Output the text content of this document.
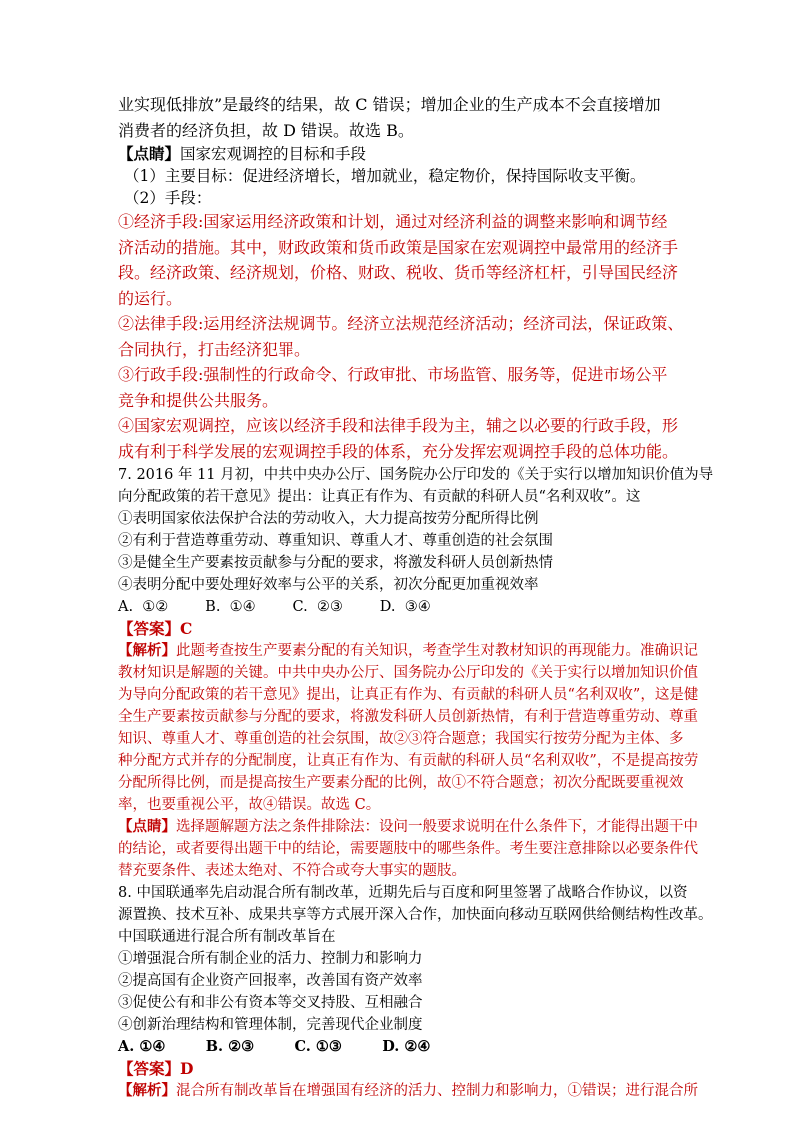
业实现低排放”是最终的结果，故 C 错误；增加企业的生产成本不会直接增加
消费者的经济负担，故 D 错误。故选 B。
【点睛】国家宏观调控的目标和手段
（1）主要目标：促进经济增长，增加就业，稳定物价，保持国际收支平衡。
（2）手段：
①经济手段:国家运用经济政策和计划，通过对经济利益的调整来影响和调节经
济活动的措施。其中，财政政策和货币政策是国家在宏观调控中最常用的经济手
段。经济政策、经济规划，价格、财政、税收、货币等经济杠杆，引导国民经济
的运行。
②法律手段:运用经济法规调节。经济立法规范经济活动；经济司法，保证政策、
合同执行，打击经济犯罪。
③行政手段:强制性的行政命令、行政审批、市场监管、服务等，促进市场公平
竞争和提供公共服务。
④国家宏观调控，应该以经济手段和法律手段为主，辅之以必要的行政手段，形
成有利于科学发展的宏观调控手段的体系，充分发挥宏观调控手段的总体功能。
7. 2016 年 11 月初，中共中央办公厅、国务院办公厅印发的《关于实行以增加知识价值为导
向分配政策的若干意见》提出：让真正有作为、有贡献的科研人员“名利双收”。这
①表明国家依法保护合法的劳动收入，大力提高按劳分配所得比例
②有利于营造尊重劳动、尊重知识、尊重人才、尊重创造的社会氛围
③是健全生产要素按贡献参与分配的要求，将激发科研人员创新热情
④表明分配中要处理好效率与公平的关系，初次分配更加重视效率
A.  ①②        B.  ①④        C.  ②③        D.  ③④
【答案】C
【解析】此题考查按生产要素分配的有关知识，考查学生对教材知识的再现能力。准确识记
教材知识是解题的关键。中共中央办公厅、国务院办公厅印发的《关于实行以增加知识价值
为导向分配政策的若干意见》提出，让真正有作为、有贡献的科研人员“名利双收”，这是健
全生产要素按贡献参与分配的要求，将激发科研人员创新热情，有利于营造尊重劳动、尊重
知识、尊重人才、尊重创造的社会氛围，故②③符合题意；我国实行按劳分配为主体、多
种分配方式并存的分配制度，让真正有作为、有贡献的科研人员“名利双收”，不是提高按劳
分配所得比例，而是提高按生产要素分配的比例，故①不符合题意；初次分配既要重视效
率，也要重视公平，故④错误。故选 C。
【点睛】选择题解题方法之条件排除法：设问一般要求说明在什么条件下，才能得出题干中
的结论，或者要得出题干中的结论，需要题肢中的哪些条件。考生要注意排除以必要条件代
替充要条件、表述太绝对、不符合或夸大事实的题肢。
8. 中国联通率先启动混合所有制改革，近期先后与百度和阿里签署了战略合作协议，以资
源置换、技术互补、成果共享等方式展开深入合作，加快面向移动互联网供给侧结构性改革。
中国联通进行混合所有制改革旨在
①增强混合所有制企业的活力、控制力和影响力
②提高国有企业资产回报率，改善国有资产效率
③促使公有和非公有资本等交叉持股、互相融合
④创新治理结构和管理体制，完善现代企业制度
A. ①④        B. ②③        C. ①③        D. ②④
【答案】D
【解析】混合所有制改革旨在增强国有经济的活力、控制力和影响力，①错误；进行混合所
